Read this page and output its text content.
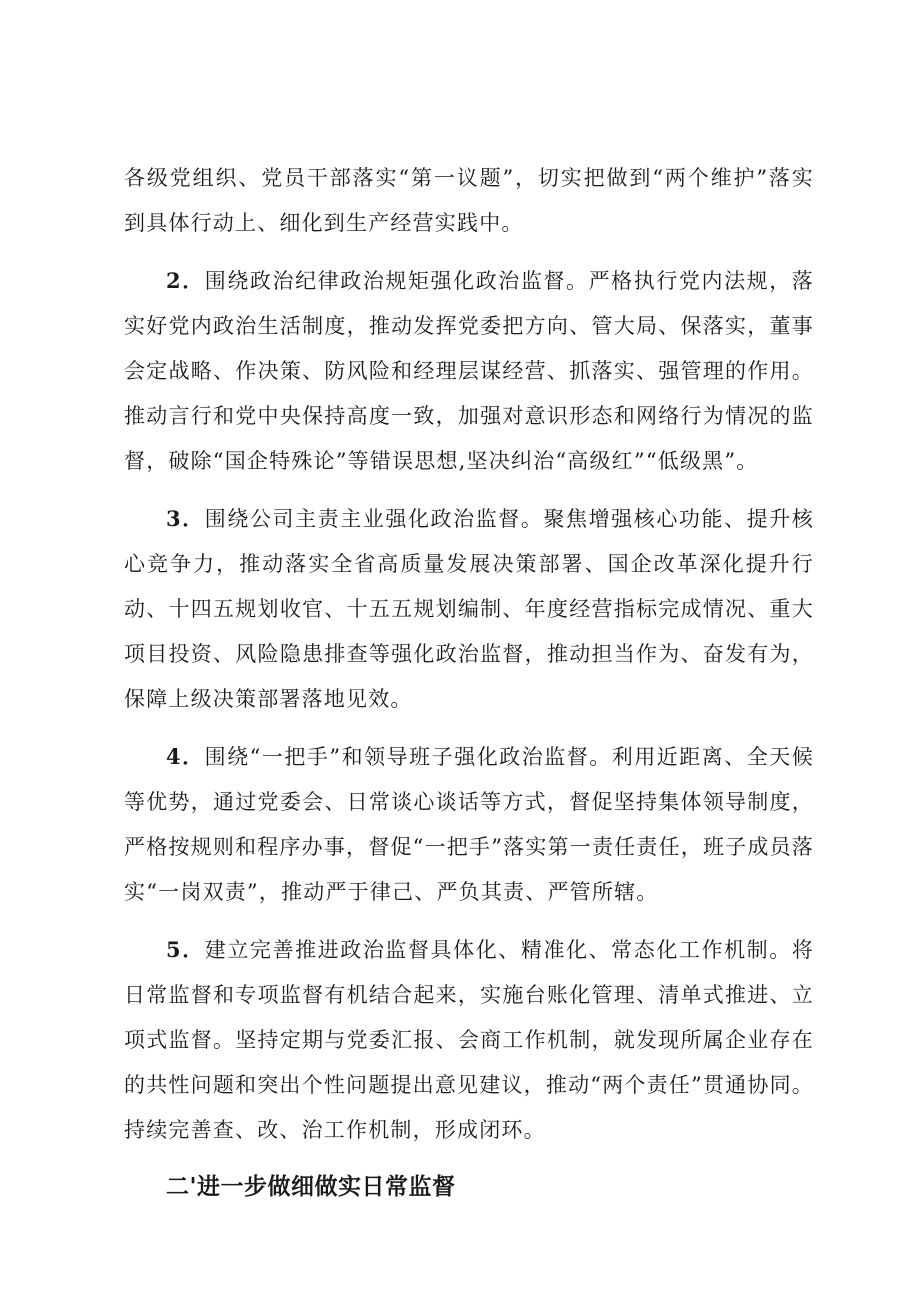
各级党组织、党员干部落实“第一议题”，切实把做到“两个维护”落实到具体行动上、细化到生产经营实践中。

2．围绕政治纪律政治规矩强化政治监督。严格执行党内法规，落实好党内政治生活制度，推动发挥党委把方向、管大局、保落实，董事会定战略、作决策、防风险和经理层谋经营、抓落实、强管理的作用。推动言行和党中央保持高度一致，加强对意识形态和网络行为情况的监督，破除“国企特殊论”等错误思想,坚决纠治“高级红”“低级黑”。

3．围绕公司主责主业强化政治监督。聚焦增强核心功能、提升核心竞争力，推动落实全省高质量发展决策部署、国企改革深化提升行动、十四五规划收官、十五五规划编制、年度经营指标完成情况、重大项目投资、风险隐患排查等强化政治监督，推动担当作为、奋发有为，保障上级决策部署落地见效。

4．围绕“一把手”和领导班子强化政治监督。利用近距离、全天候等优势，通过党委会、日常谈心谈话等方式，督促坚持集体领导制度，严格按规则和程序办事，督促“一把手”落实第一责任责任，班子成员落实“一岗双责”，推动严于律己、严负其责、严管所辖。

5．建立完善推进政治监督具体化、精准化、常态化工作机制。将日常监督和专项监督有机结合起来，实施台账化管理、清单式推进、立项式监督。坚持定期与党委汇报、会商工作机制，就发现所属企业存在的共性问题和突出个性问题提出意见建议，推动“两个责任”贯通协同。持续完善查、改、治工作机制，形成闭环。

二'进一步做细做实日常监督
